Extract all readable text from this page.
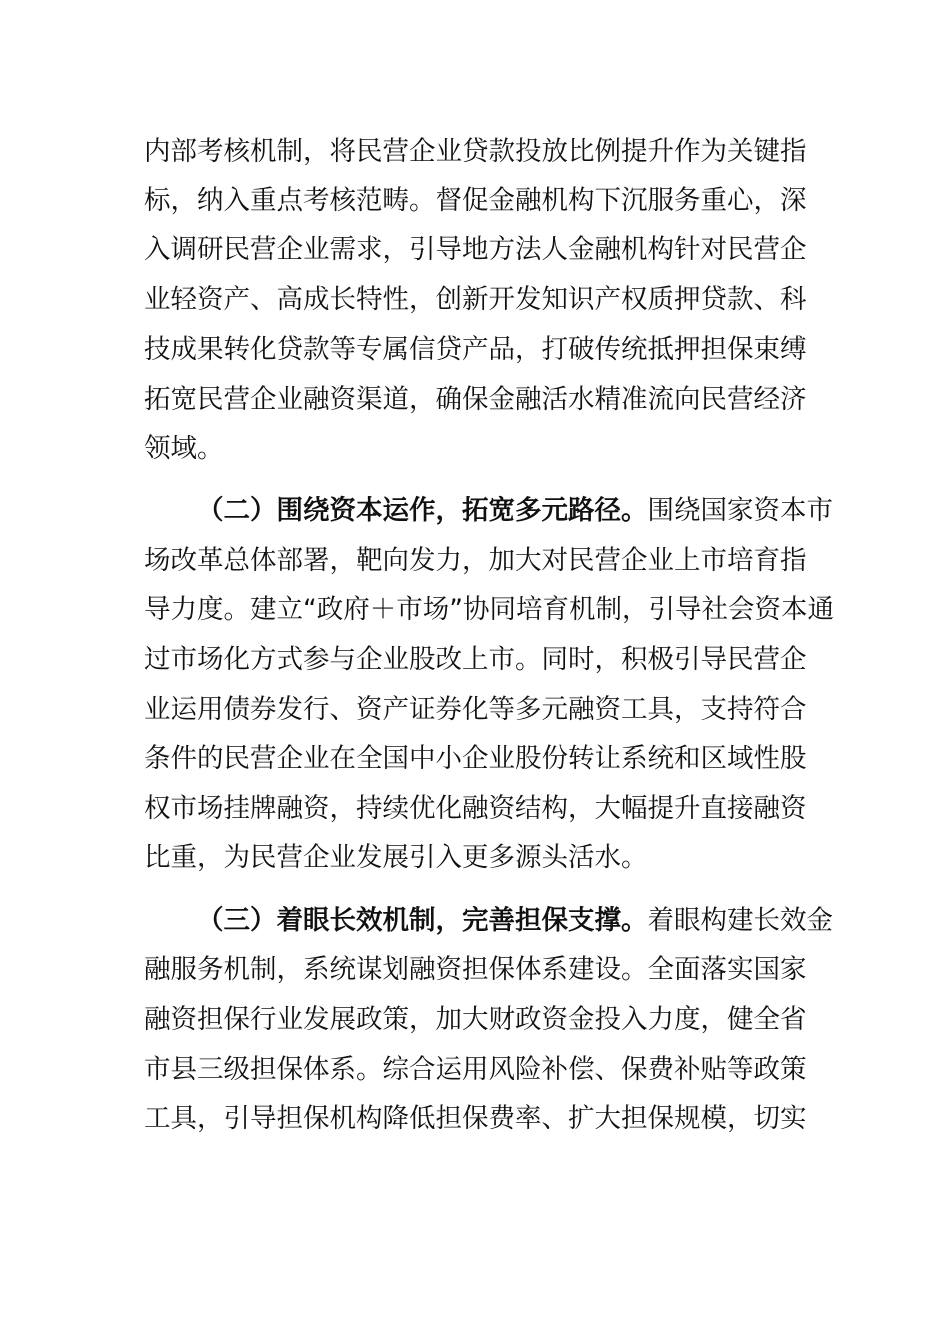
内部考核机制，将民营企业贷款投放比例提升作为关键指
标，纳入重点考核范畴。督促金融机构下沉服务重心，深
入调研民营企业需求，引导地方法人金融机构针对民营企
业轻资产、高成长特性，创新开发知识产权质押贷款、科
技成果转化贷款等专属信贷产品，打破传统抵押担保束缚
拓宽民营企业融资渠道，确保金融活水精准流向民营经济
领域。
（二）围绕资本运作，拓宽多元路径。围绕国家资本市
场改革总体部署，靶向发力，加大对民营企业上市培育指
导力度。建立“政府＋市场”协同培育机制，引导社会资本通
过市场化方式参与企业股改上市。同时，积极引导民营企
业运用债券发行、资产证券化等多元融资工具，支持符合
条件的民营企业在全国中小企业股份转让系统和区域性股
权市场挂牌融资，持续优化融资结构，大幅提升直接融资
比重，为民营企业发展引入更多源头活水。
（三）着眼长效机制，完善担保支撑。着眼构建长效金
融服务机制，系统谋划融资担保体系建设。全面落实国家
融资担保行业发展政策，加大财政资金投入力度，健全省
市县三级担保体系。综合运用风险补偿、保费补贴等政策
工具，引导担保机构降低担保费率、扩大担保规模，切实
